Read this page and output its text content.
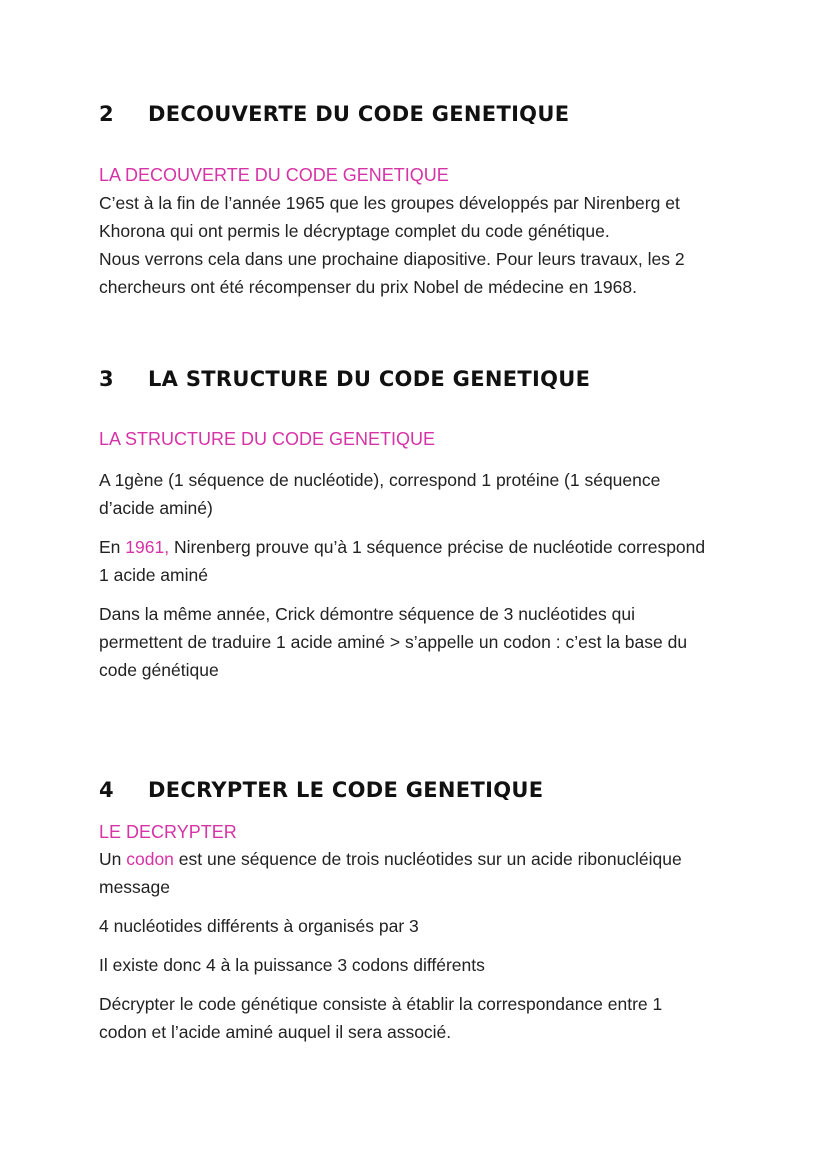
2	DECOUVERTE DU CODE GENETIQUE

LA DECOUVERTE DU CODE GENETIQUE

C’est à la fin de l’année 1965 que les groupes développés par Nirenberg et
Khorona qui ont permis le décryptage complet du code génétique.
Nous verrons cela dans une prochaine diapositive. Pour leurs travaux, les 2
chercheurs ont été récompenser du prix Nobel de médecine en 1968.

3	LA STRUCTURE DU CODE GENETIQUE

LA STRUCTURE DU CODE GENETIQUE

A 1gène (1 séquence de nucléotide), correspond 1 protéine (1 séquence
d’acide aminé)

En 1961, Nirenberg prouve qu’à 1 séquence précise de nucléotide correspond
1 acide aminé

Dans la même année, Crick démontre séquence de 3 nucléotides qui
permettent de traduire 1 acide aminé > s’appelle un codon : c’est la base du
code génétique

4	DECRYPTER LE CODE GENETIQUE

LE DECRYPTER

Un codon est une séquence de trois nucléotides sur un acide ribonucléique
message

4 nucléotides différents à organisés par 3

Il existe donc 4 à la puissance 3 codons différents

Décrypter le code génétique consiste à établir la correspondance entre 1
codon et l’acide aminé auquel il sera associé.
